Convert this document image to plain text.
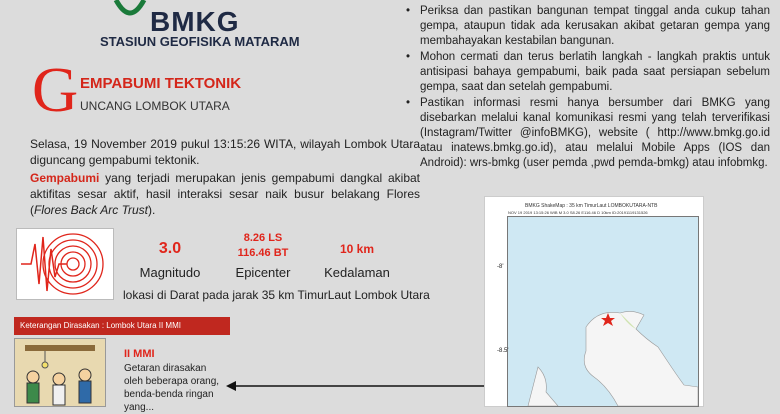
BMKG
STASIUN GEOFISIKA MATARAM
G EMPABUMI TEKTONIK
UNCANG LOMBOK UTARA
Selasa, 19 November 2019 pukul 13:15:26 WITA, wilayah Lombok Utara diguncang gempabumi tektonik.
Gempabumi yang terjadi merupakan jenis gempabumi dangkal akibat aktifitas sesar aktif, hasil interaksi sesar naik busur belakang Flores (Flores Back Arc Trust).
3.0
Magnitudo
8.26 LS
116.46 BT
Epicenter
10 km
Kedalaman
lokasi di Darat pada jarak 35 km TimurLaut Lombok Utara
Keterangan Dirasakan : Lombok Utara II MMI
II MMI
Getaran dirasakan oleh beberapa orang, benda-benda ringan yang...
• Periksa dan pastikan bangunan tempat tinggal anda cukup tahan gempa, ataupun tidak ada kerusakan akibat getaran gempa yang membahayakan kestabilan bangunan.
• Mohon cermati dan terus berlatih langkah - langkah praktis untuk antisipasi bahaya gempabumi, baik pada saat persiapan sebelum gempa, saat dan setelah gempabumi.
• Pastikan informasi resmi hanya bersumber dari BMKG yang disebarkan melalui kanal komunikasi resmi yang telah terverifikasi (Instagram/Twitter @infoBMKG), website ( http://www.bmkg.go.id atau inatews.bmkg.go.id), atau melalui Mobile Apps (IOS dan Android): wrs-bmkg (user pemda ,pwd pemda-bmkg) atau infobmkg.
BMKG ShakeMap : 35 km TimurLaut LOMBOKUTARA-NTB
NOV 19 2019 13:15:26 WIB M 3.0 S8.26 E116.46 D 10km ID:20191119131526
-8'
-8.5'
